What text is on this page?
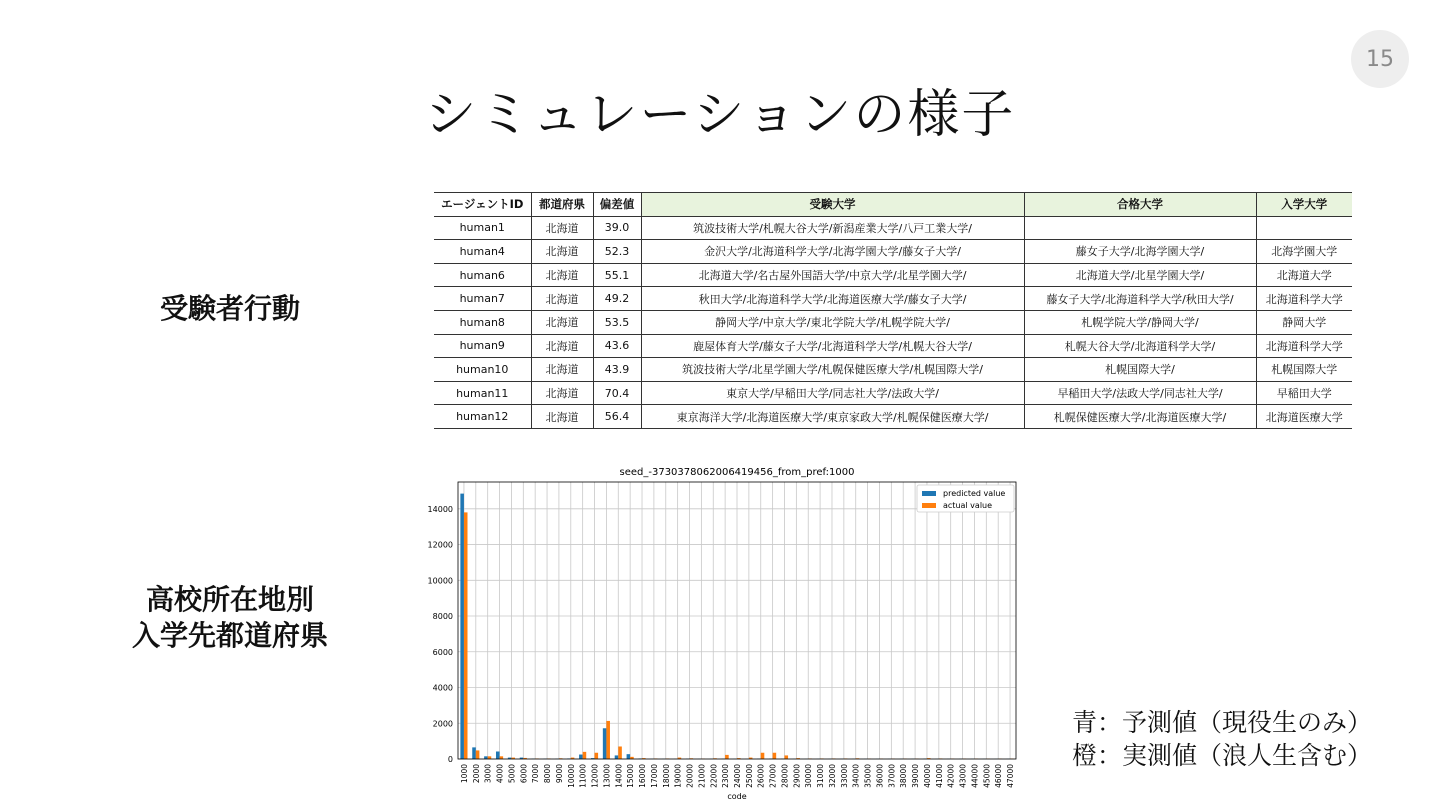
15
シミュレーションの様子
受験者行動
高校所在地別
入学先都道府県
エージェントID	都道府県	偏差値	受験大学	合格大学	入学大学
human1	北海道	39.0	筑波技術大学/札幌大谷大学/新潟産業大学/八戸工業大学/		
human4	北海道	52.3	金沢大学/北海道科学大学/北海学園大学/藤女子大学/	藤女子大学/北海学園大学/	北海学園大学
human6	北海道	55.1	北海道大学/名古屋外国語大学/中京大学/北星学園大学/	北海道大学/北星学園大学/	北海道大学
human7	北海道	49.2	秋田大学/北海道科学大学/北海道医療大学/藤女子大学/	藤女子大学/北海道科学大学/秋田大学/	北海道科学大学
human8	北海道	53.5	静岡大学/中京大学/東北学院大学/札幌学院大学/	札幌学院大学/静岡大学/	静岡大学
human9	北海道	43.6	鹿屋体育大学/藤女子大学/北海道科学大学/札幌大谷大学/	札幌大谷大学/北海道科学大学/	北海道科学大学
human10	北海道	43.9	筑波技術大学/北星学園大学/札幌保健医療大学/札幌国際大学/	札幌国際大学/	札幌国際大学
human11	北海道	70.4	東京大学/早稲田大学/同志社大学/法政大学/	早稲田大学/法政大学/同志社大学/	早稲田大学
human12	北海道	56.4	東京海洋大学/北海道医療大学/東京家政大学/札幌保健医療大学/	札幌保健医療大学/北海道医療大学/	北海道医療大学
seed_-3730378062006419456_from_pref:1000
0
2000
4000
6000
8000
10000
12000
14000
1000 2000 3000 4000 5000 6000 7000 8000 9000 10000 11000 12000 13000 14000 15000 16000 17000 18000 19000 20000 21000 22000 23000 24000 25000 26000 27000 28000 29000 30000 31000 32000 33000 34000 35000 36000 37000 38000 39000 40000 41000 42000 43000 44000 45000 46000 47000
code
predicted value
actual value
青：予測値（現役生のみ）
橙：実測値（浪人生含む）
